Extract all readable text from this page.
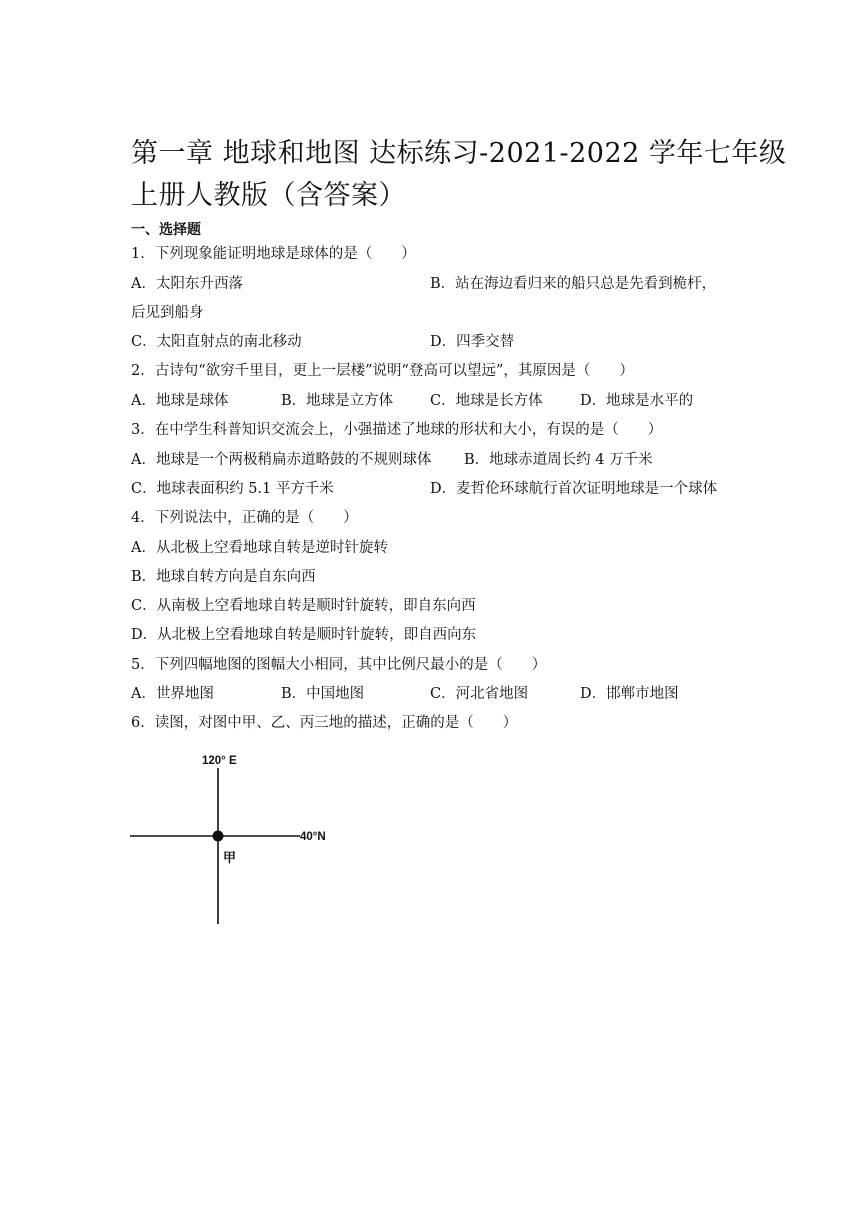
第一章 地球和地图 达标练习-2021-2022 学年七年级
上册人教版（含答案）
一、选择题
1．下列现象能证明地球是球体的是（　　）
A．太阳东升西落	B．站在海边看归来的船只总是先看到桅杆，
后见到船身
C．太阳直射点的南北移动	D．四季交替
2．古诗句“欲穷千里目，更上一层楼”说明“登高可以望远”，其原因是（　　）
A．地球是球体	B．地球是立方体	C．地球是长方体	D．地球是水平的
3．在中学生科普知识交流会上，小强描述了地球的形状和大小，有误的是（　　）
A．地球是一个两极稍扁赤道略鼓的不规则球体 B．地球赤道周长约 4 万千米
C．地球表面积约 5.1 平方千米	D．麦哲伦环球航行首次证明地球是一个球体
4．下列说法中，正确的是（　　）
A．从北极上空看地球自转是逆时针旋转
B．地球自转方向是自东向西
C．从南极上空看地球自转是顺时针旋转，即自东向西
D．从北极上空看地球自转是顺时针旋转，即自西向东
5．下列四幅地图的图幅大小相同，其中比例尺最小的是（　　）
A．世界地图	B．中国地图	C．河北省地图	D．邯郸市地图
6．读图，对图中甲、乙、丙三地的描述，正确的是（　　）
120° E
40°N
甲
